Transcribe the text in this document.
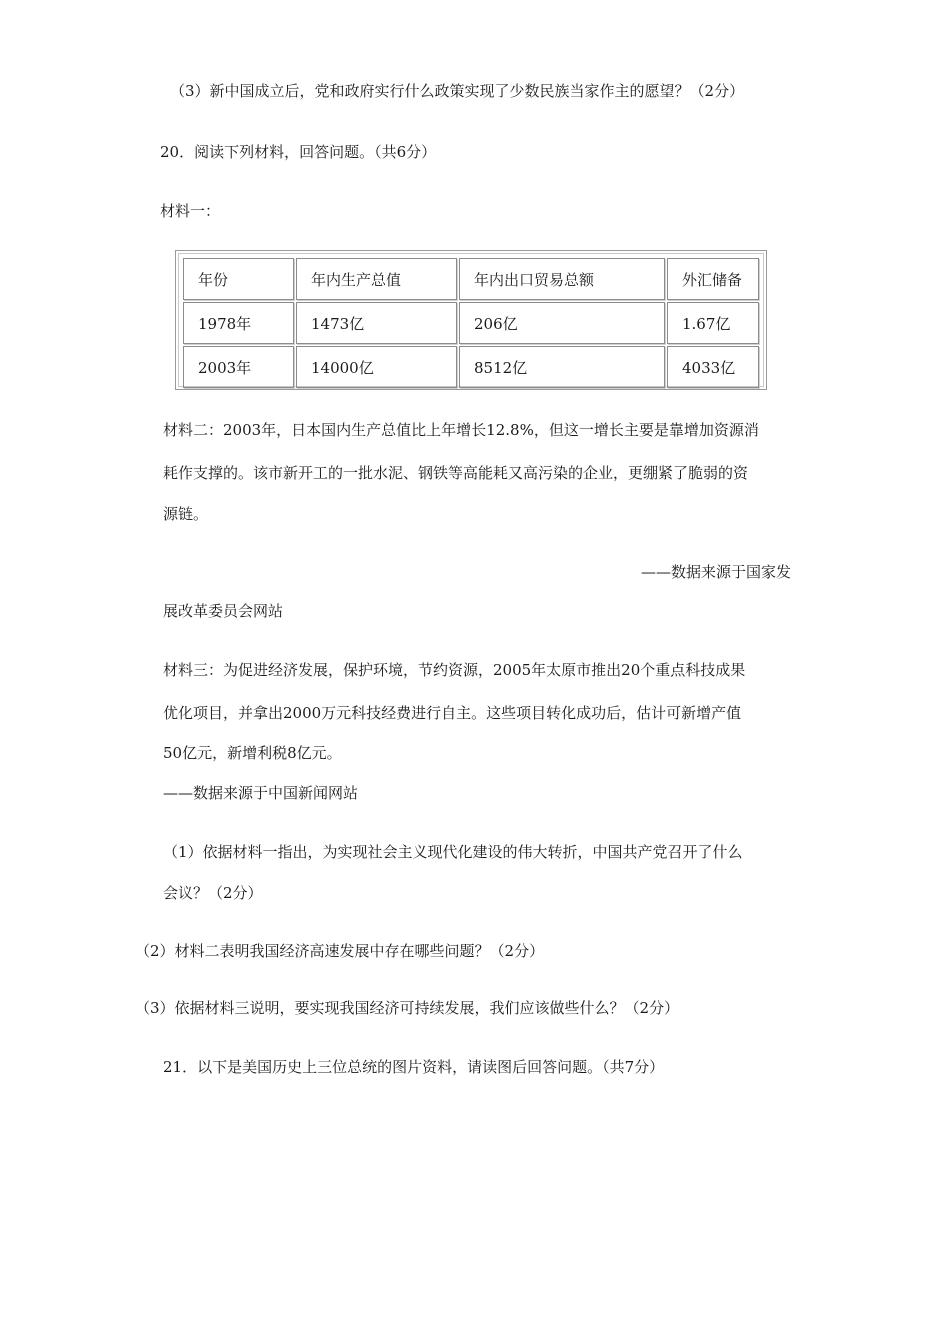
（3）新中国成立后，党和政府实行什么政策实现了少数民族当家作主的愿望？（2分）
20．阅读下列材料，回答问题。（共6分）
材料一：
年份	年内生产总值	年内出口贸易总额	外汇储备
1978年	1473亿	206亿	1.67亿
2003年	14000亿	8512亿	4033亿
材料二：2003年，日本国内生产总值比上年增长12.8%，但这一增长主要是靠增加资源消
耗作支撑的。该市新开工的一批水泥、钢铁等高能耗又高污染的企业，更绷紧了脆弱的资
源链。
——数据来源于国家发
展改革委员会网站
材料三：为促进经济发展，保护环境，节约资源，2005年太原市推出20个重点科技成果
优化项目，并拿出2000万元科技经费进行自主。这些项目转化成功后，估计可新增产值
50亿元，新增利税8亿元。
——数据来源于中国新闻网站
（1）依据材料一指出，为实现社会主义现代化建设的伟大转折，中国共产党召开了什么
会议？（2分）
（2）材料二表明我国经济高速发展中存在哪些问题？（2分）
（3）依据材料三说明，要实现我国经济可持续发展，我们应该做些什么？（2分）
21．以下是美国历史上三位总统的图片资料，请读图后回答问题。（共7分）
